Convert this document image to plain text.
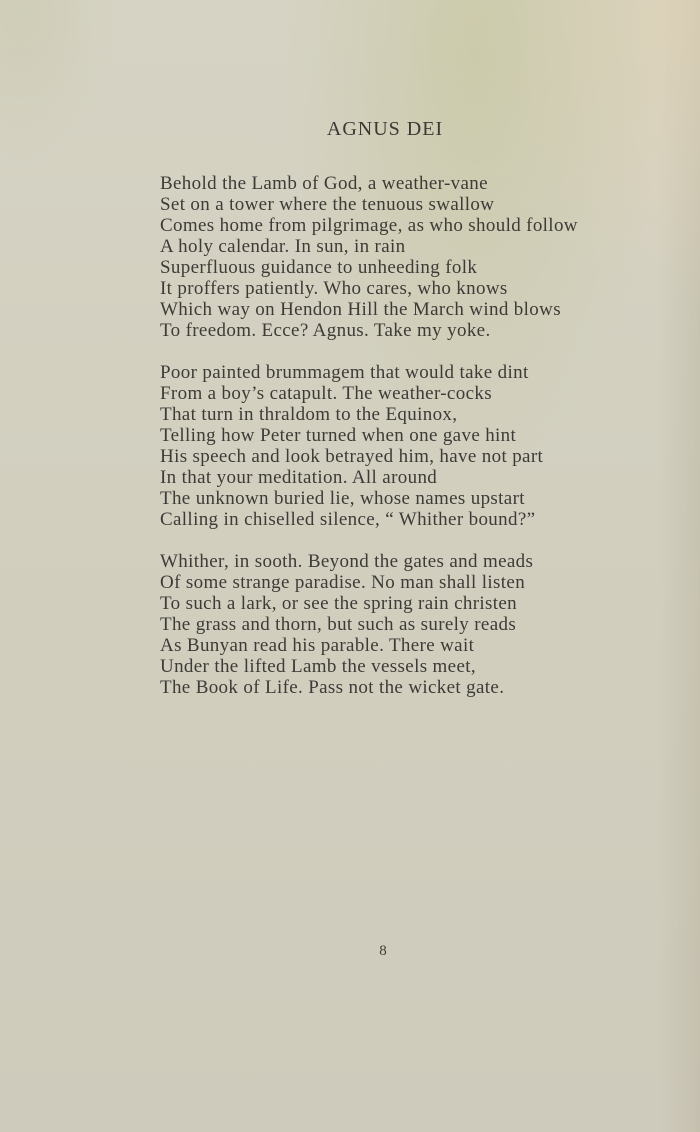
AGNUS DEI
Behold the Lamb of God, a weather-vane
Set on a tower where the tenuous swallow
Comes home from pilgrimage, as who should follow
A holy calendar. In sun, in rain
Superfluous guidance to unheeding folk
It proffers patiently. Who cares, who knows
Which way on Hendon Hill the March wind blows
To freedom. Ecce? Agnus. Take my yoke.
Poor painted brummagem that would take dint
From a boy’s catapult. The weather-cocks
That turn in thraldom to the Equinox,
Telling how Peter turned when one gave hint
His speech and look betrayed him, have not part
In that your meditation. All around
The unknown buried lie, whose names upstart
Calling in chiselled silence, “ Whither bound?”
Whither, in sooth. Beyond the gates and meads
Of some strange paradise. No man shall listen
To such a lark, or see the spring rain christen
The grass and thorn, but such as surely reads
As Bunyan read his parable. There wait
Under the lifted Lamb the vessels meet,
The Book of Life. Pass not the wicket gate.
8
